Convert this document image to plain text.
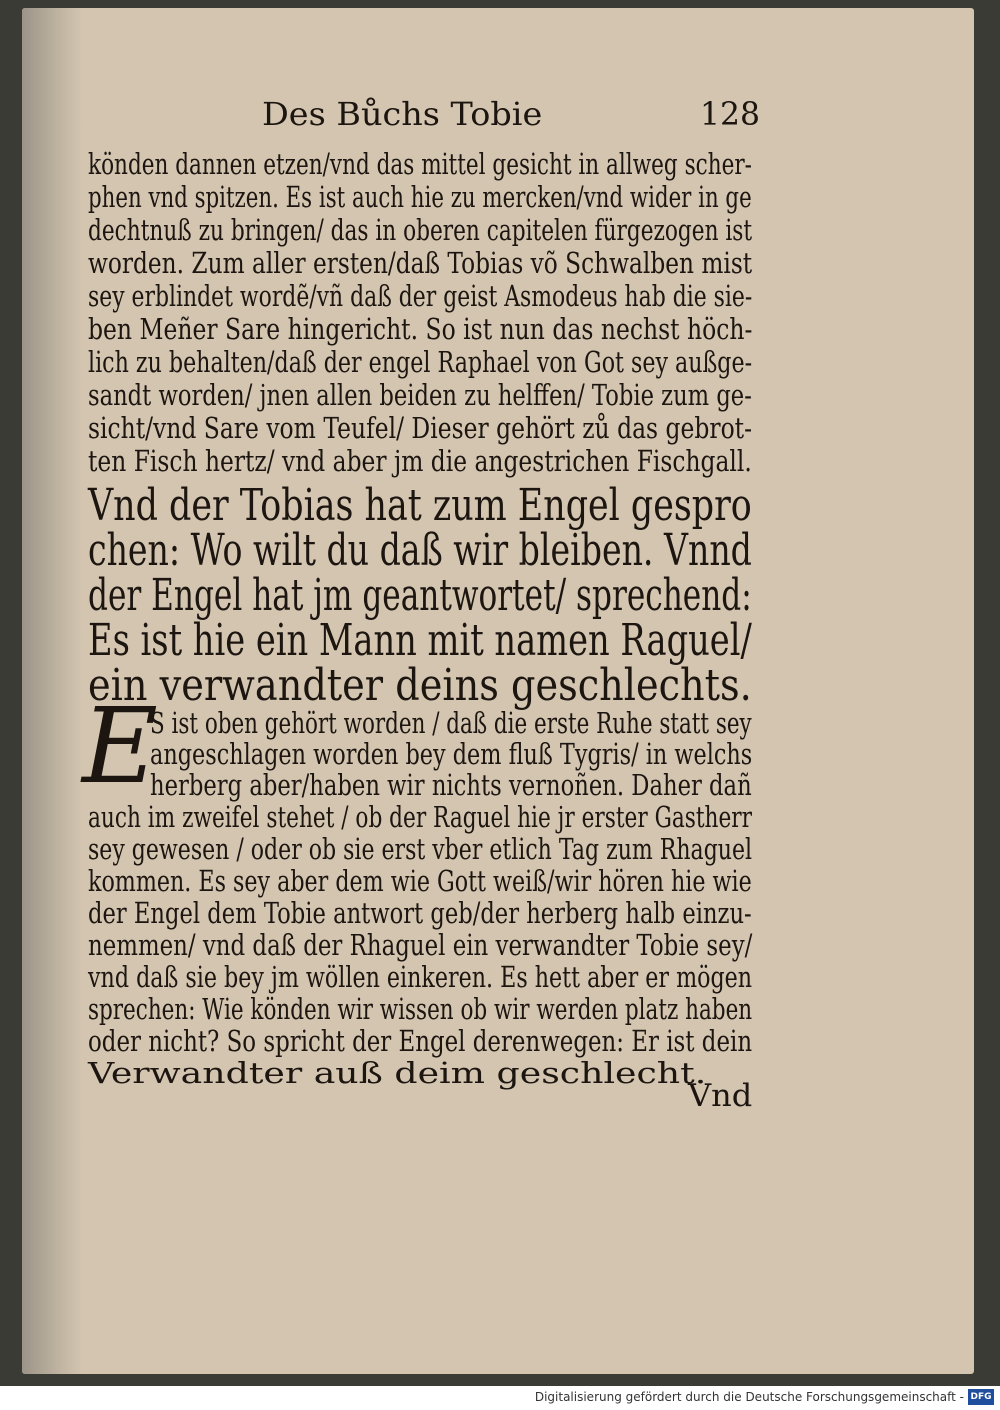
Des Bůchs Tobie	128
könden dannen etzen/vnd das mittel gesicht in allweg scher-
phen vnd spitzen. Es ist auch hie zu mercken/vnd wider in ge
dechtnuß zu bringen/ das in oberen capitelen fürgezogen ist
worden. Zum aller ersten/daß Tobias võ Schwalben mist
sey erblindet wordẽ/vñ daß der geist Asmodeus hab die sie-
ben Meñer Sare hingericht. So ist nun das nechst höch-
lich zu behalten/daß der engel Raphael von Got sey außge-
sandt worden/ jnen allen beiden zu helffen/ Tobie zum ge-
sicht/vnd Sare vom Teufel/ Dieser gehört zů das gebrot-
ten Fisch hertz/ vnd aber jm die angestrichen Fischgall.
Vnd der Tobias hat zum Engel gespro
chen: Wo wilt du daß wir bleiben. Vnnd
der Engel hat jm geantwortet/ sprechend:
Es ist hie ein Mann mit namen Raguel/
ein verwandter deins geschlechts.
E
S ist oben gehört worden / daß die erste Ruhe statt sey
angeschlagen worden bey dem fluß Tygris/ in welchs
herberg aber/haben wir nichts vernoñen. Daher dañ
auch im zweifel stehet / ob der Raguel hie jr erster Gastherr
sey gewesen / oder ob sie erst vber etlich Tag zum Rhaguel
kommen. Es sey aber dem wie Gott weiß/wir hören hie wie
der Engel dem Tobie antwort geb/der herberg halb einzu-
nemmen/ vnd daß der Rhaguel ein verwandter Tobie sey/
vnd daß sie bey jm wöllen einkeren. Es hett aber er mögen
sprechen: Wie könden wir wissen ob wir werden platz haben
oder nicht? So spricht der Engel derenwegen: Er ist dein
Verwandter auß deim geschlecht.
Vnd
Digitalisierung gefördert durch die Deutsche Forschungsgemeinschaft - DFG
